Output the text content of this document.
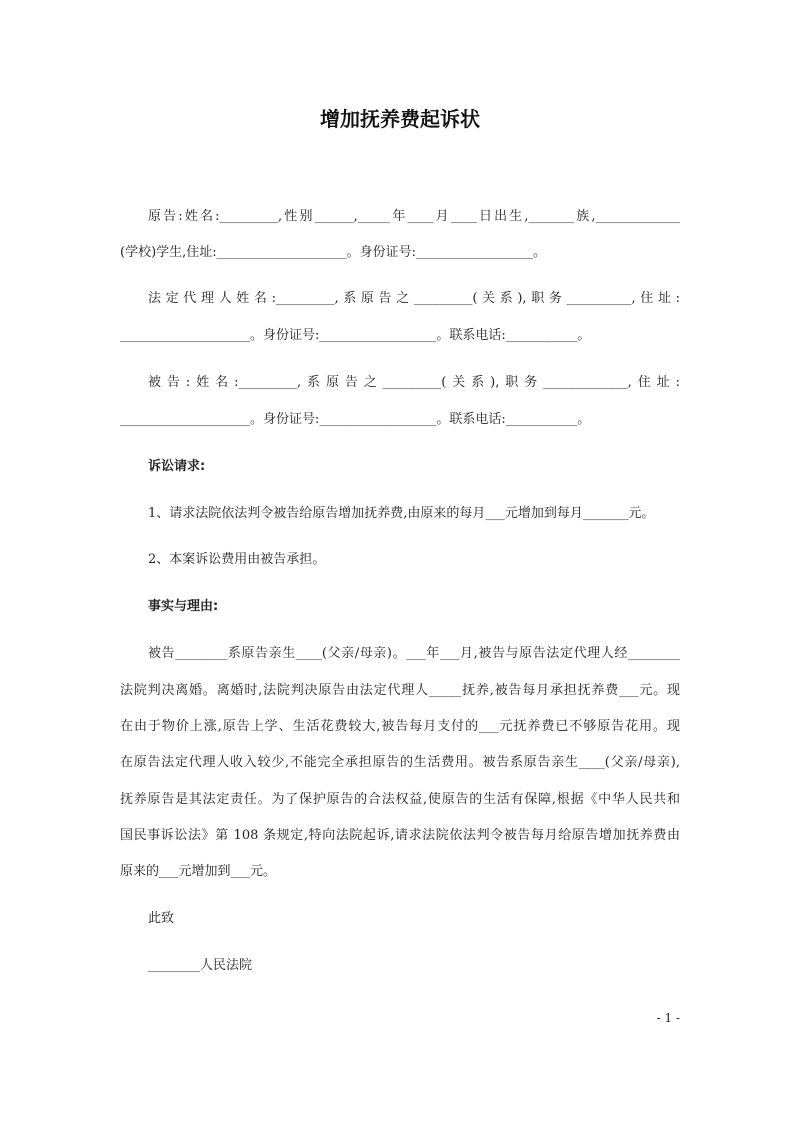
增加抚养费起诉状

原告:姓名:_________,性别______,_____年____月____日出生,_______族,_____________

(学校)学生,住址:____________________。身份证号:__________________。

法定代理人姓名:_________,系原告之_________(关系),职务__________,住址:

____________________。身份证号:__________________。联系电话:___________。

被告:姓名:_________,系原告之_________(关系),职务_____________,住址:

____________________。身份证号:__________________。联系电话:___________。

诉讼请求:

1、请求法院依法判令被告给原告增加抚养费,由原来的每月___元增加到每月_______元。

2、本案诉讼费用由被告承担。

事实与理由:

被告________系原告亲生____(父亲/母亲)。___年___月,被告与原告法定代理人经________

法院判决离婚。离婚时,法院判决原告由法定代理人_____抚养,被告每月承担抚养费___元。现

在由于物价上涨,原告上学、生活花费较大,被告每月支付的___元抚养费已不够原告花用。现

在原告法定代理人收入较少,不能完全承担原告的生活费用。被告系原告亲生____(父亲/母亲),

抚养原告是其法定责任。为了保护原告的合法权益,使原告的生活有保障,根据《中华人民共和

国民事诉讼法》第 108 条规定,特向法院起诉,请求法院依法判令被告每月给原告增加抚养费由

原来的___元增加到___元。

此致

________人民法院

- 1 -
